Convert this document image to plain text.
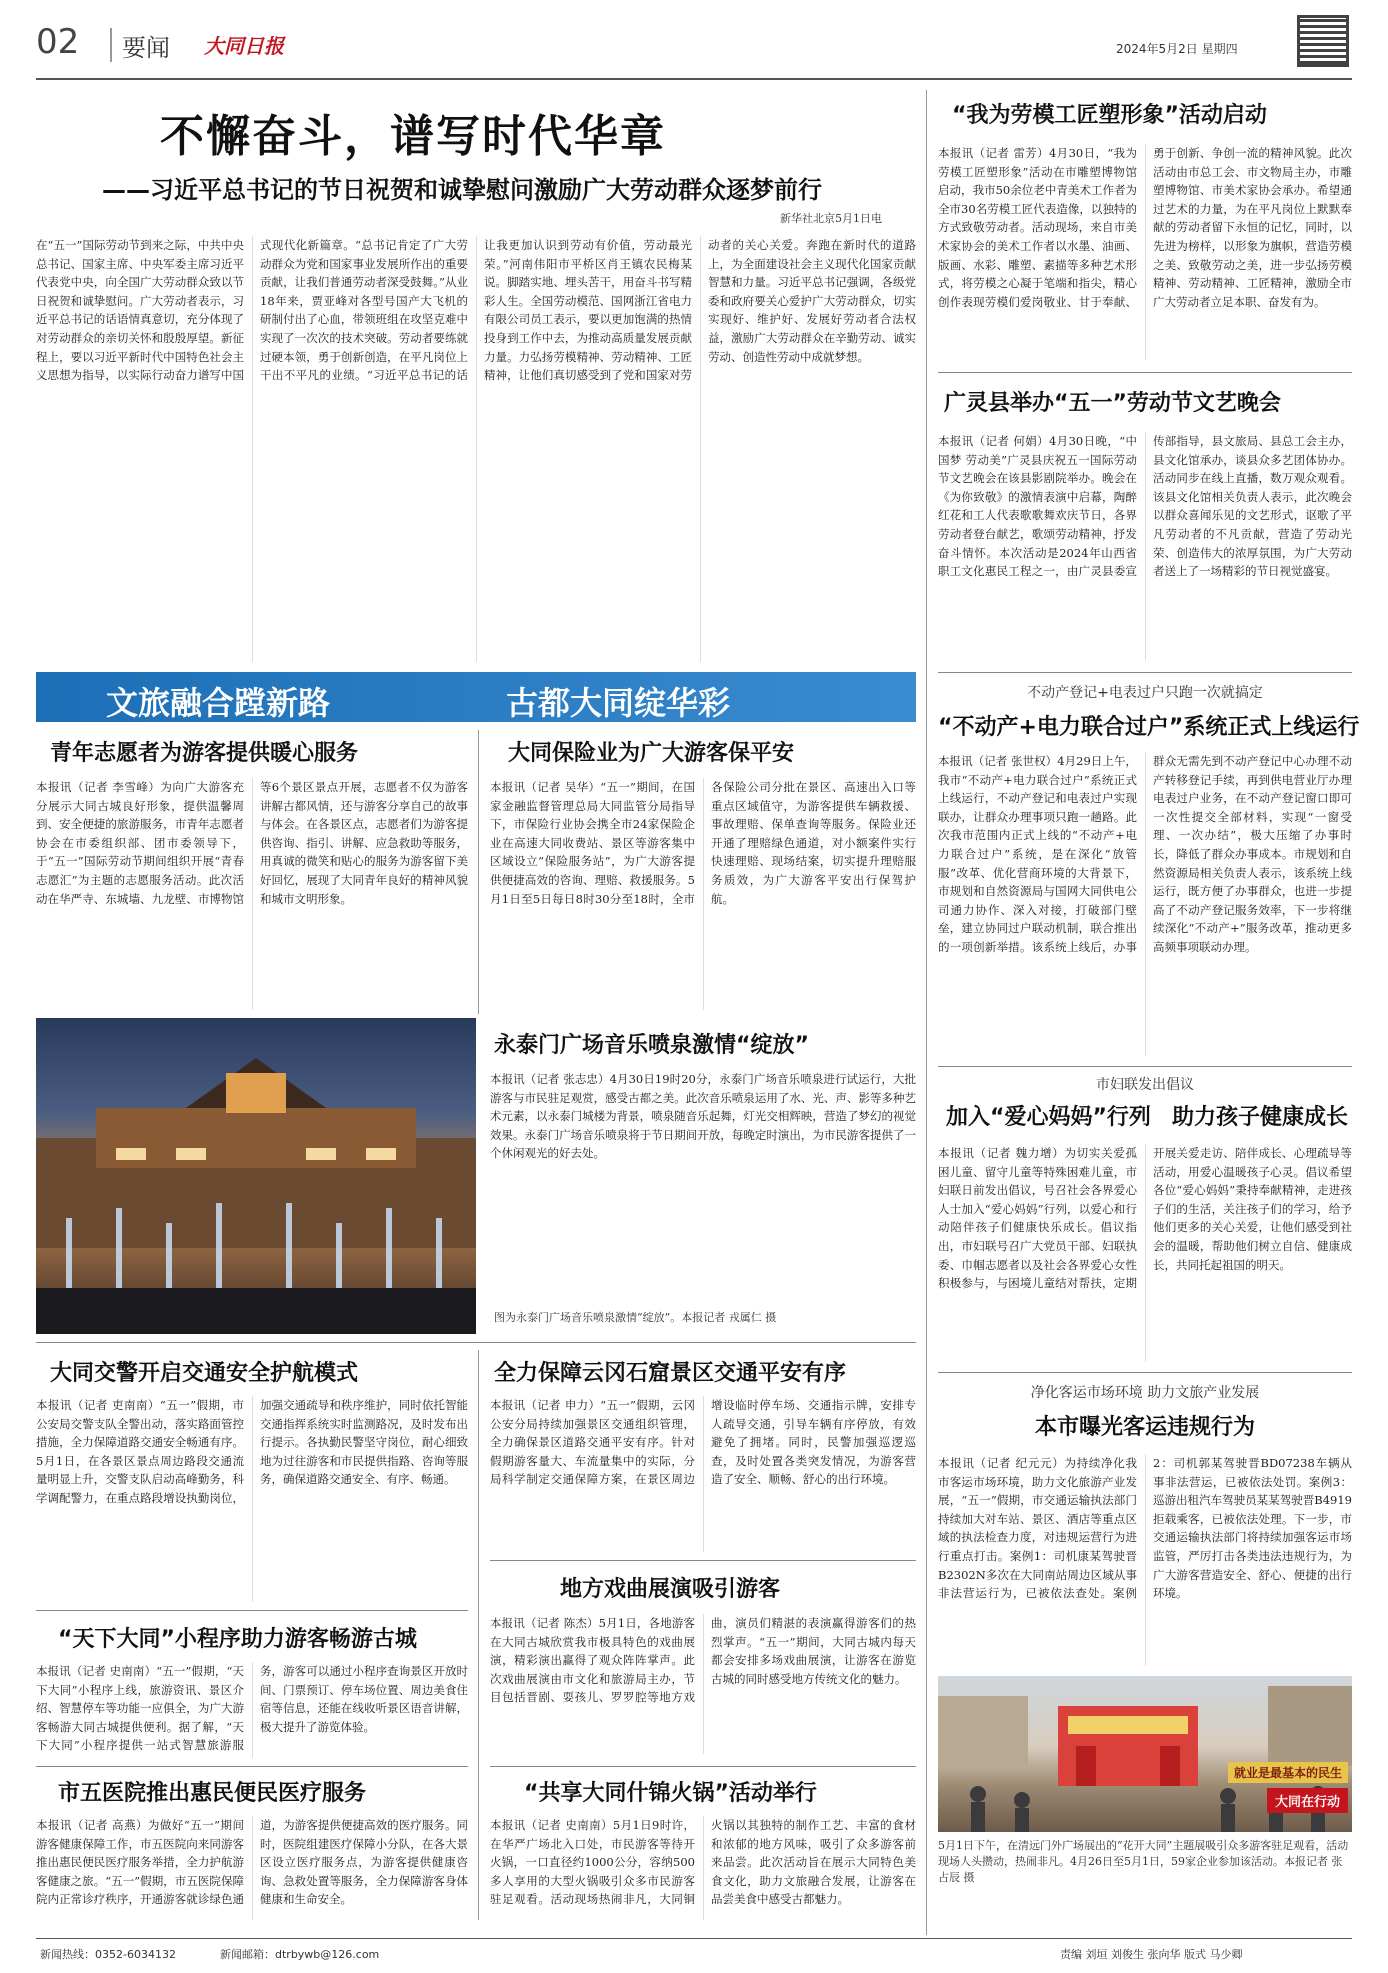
02 要闻 大同日报	2024年5月2日 星期四
不懈奋斗，谱写时代华章
——习近平总书记的节日祝贺和诚挚慰问激励广大劳动群众逐梦前行
新华社北京5月1日电
在“五一”国际劳动节到来之际，中共中央总书记、国家主席、中央军委主席习近平代表党中央，向全国广大劳动群众致以节日祝贺和诚挚慰问。广大劳动者表示，习近平总书记的话语情真意切，充分体现了对劳动群众的亲切关怀和殷殷厚望。新征程上，要以习近平新时代中国特色社会主义思想为指导，以实际行动奋力谱写中国式现代化新篇章。“总书记肯定了广大劳动群众为党和国家事业发展所作出的重要贡献，让我们普通劳动者深受鼓舞。”从业18年来，贾亚峰对各型号国产大飞机的研制付出了心血，带领班组在攻坚克难中实现了一次次的技术突破。劳动者要练就过硬本领，勇于创新创造，在平凡岗位上干出不平凡的业绩。“习近平总书记的话让我更加认识到劳动有价值，劳动最光荣。”河南伟阳市平桥区肖王镇农民梅某说。脚踏实地、埋头苦干，用奋斗书写精彩人生。全国劳动模范、国网浙江省电力有限公司员工表示，要以更加饱满的热情投身到工作中去，为推动高质量发展贡献力量。力弘扬劳模精神、劳动精神、工匠精神，让他们真切感受到了党和国家对劳动者的关心关爱。奔跑在新时代的道路上，为全面建设社会主义现代化国家贡献智慧和力量。习近平总书记强调，各级党委和政府要关心爱护广大劳动群众，切实实现好、维护好、发展好劳动者合法权益，激励广大劳动群众在辛勤劳动、诚实劳动、创造性劳动中成就梦想。
“我为劳模工匠塑形象”活动启动
本报讯（记者 雷芳）4月30日，“我为劳模工匠塑形象”活动在市雕塑博物馆启动，我市50余位老中青美术工作者为全市30名劳模工匠代表造像，以独特的方式致敬劳动者。活动现场，来自市美术家协会的美术工作者以水墨、油画、版画、水彩、雕塑、素描等多种艺术形式，将劳模之心凝于笔端和指尖，精心创作表现劳模们爱岗敬业、甘于奉献、勇于创新、争创一流的精神风貌。此次活动由市总工会、市文物局主办，市雕塑博物馆、市美术家协会承办。希望通过艺术的力量，为在平凡岗位上默默奉献的劳动者留下永恒的记忆，同时，以先进为榜样，以形象为旗帜，营造劳模之美、致敬劳动之美，进一步弘扬劳模精神、劳动精神、工匠精神，激励全市广大劳动者立足本职、奋发有为。
广灵县举办“五一”劳动节文艺晚会
本报讯（记者 何娟）4月30日晚，“中国梦 劳动美”广灵县庆祝五一国际劳动节文艺晚会在该县影剧院举办。晚会在《为你致敬》的激情表演中启幕，陶醉红花和工人代表歌歌舞欢庆节日，各界劳动者登台献艺，歌颂劳动精神，抒发奋斗情怀。本次活动是2024年山西省职工文化惠民工程之一，由广灵县委宣传部指导，县文旅局、县总工会主办，县文化馆承办，谈县众多艺团体协办。活动同步在线上直播，数万观众观看。该县文化馆相关负责人表示，此次晚会以群众喜闻乐见的文艺形式，讴歌了平凡劳动者的不凡贡献，营造了劳动光荣、创造伟大的浓厚氛围，为广大劳动者送上了一场精彩的节日视觉盛宴。
不动产登记+电表过户只跑一次就搞定
“不动产+电力联合过户”系统正式上线运行
本报讯（记者 张世权）4月29日上午，我市“不动产+电力联合过户”系统正式上线运行，不动产登记和电表过户实现联办，让群众办理事项只跑一趟路。此次我市范围内正式上线的“不动产+电力联合过户”系统，是在深化“放管服”改革、优化营商环境的大背景下，市规划和自然资源局与国网大同供电公司通力协作、深入对接，打破部门壁垒，建立协同过户联动机制，联合推出的一项创新举措。该系统上线后，办事群众无需先到不动产登记中心办理不动产转移登记手续，再到供电营业厅办理电表过户业务，在不动产登记窗口即可一次性提交全部材料，实现“一窗受理、一次办结”，极大压缩了办事时长，降低了群众办事成本。市规划和自然资源局相关负责人表示，该系统上线运行，既方便了办事群众，也进一步提高了不动产登记服务效率，下一步将继续深化“不动产+”服务改革，推动更多高频事项联动办理。
市妇联发出倡议
加入“爱心妈妈”行列 助力孩子健康成长
本报讯（记者 魏力增）为切实关爱孤困儿童、留守儿童等特殊困难儿童，市妇联日前发出倡议，号召社会各界爱心人士加入“爱心妈妈”行列，以爱心和行动陪伴孩子们健康快乐成长。倡议指出，市妇联号召广大党员干部、妇联执委、巾帼志愿者以及社会各界爱心女性积极参与，与困境儿童结对帮扶，定期开展关爱走访、陪伴成长、心理疏导等活动，用爱心温暖孩子心灵。倡议希望各位“爱心妈妈”秉持奉献精神，走进孩子们的生活，关注孩子们的学习，给予他们更多的关心关爱，让他们感受到社会的温暖，帮助他们树立自信、健康成长，共同托起祖国的明天。
净化客运市场环境 助力文旅产业发展
本市曝光客运违规行为
本报讯（记者 纪元元）为持续净化我市客运市场环境，助力文化旅游产业发展，“五一”假期，市交通运输执法部门持续加大对车站、景区、酒店等重点区域的执法检查力度，对违规运营行为进行重点打击。案例1：司机康某驾驶晋B2302N多次在大同南站周边区域从事非法营运行为，已被依法查处。案例2：司机郭某驾驶晋BD07238车辆从事非法营运，已被依法处罚。案例3：巡游出租汽车驾驶员某某驾驶晋B4919拒载乘客，已被依法处理。下一步，市交通运输执法部门将持续加强客运市场监管，严厉打击各类违法违规行为，为广大游客营造安全、舒心、便捷的出行环境。
就业是最基本的民生
大同在行动
5月1日下午，在清远门外广场展出的“花开大同”主题展吸引众多游客驻足观看，活动现场人头攒动，热闹非凡。4月26日至5月1日，59家企业参加该活动。本报记者 张占辰 摄
文旅融合蹚新路	古都大同绽华彩
青年志愿者为游客提供暖心服务
本报讯（记者 李雪峰）为向广大游客充分展示大同古城良好形象，提供温馨周到、安全便捷的旅游服务，市青年志愿者协会在市委组织部、团市委领导下，于“五一”国际劳动节期间组织开展“青春志愿汇”为主题的志愿服务活动。此次活动在华严寺、东城墙、九龙壁、市博物馆等6个景区景点开展，志愿者不仅为游客讲解古都风情，还与游客分享自己的故事与体会。在各景区点，志愿者们为游客提供咨询、指引、讲解、应急救助等服务，用真诚的微笑和贴心的服务为游客留下美好回忆，展现了大同青年良好的精神风貌和城市文明形象。
大同保险业为广大游客保平安
本报讯（记者 吴华）“五一”期间，在国家金融监督管理总局大同监管分局指导下，市保险行业协会携全市24家保险企业在高速大同收费站、景区等游客集中区域设立“保险服务站”，为广大游客提供便捷高效的咨询、理赔、救援服务。5月1日至5日每日8时30分至18时，全市各保险公司分批在景区、高速出入口等重点区域值守，为游客提供车辆救援、事故理赔、保单查询等服务。保险业还开通了理赔绿色通道，对小额案件实行快速理赔、现场结案，切实提升理赔服务质效，为广大游客平安出行保驾护航。
永泰门广场音乐喷泉激情“绽放”
本报讯（记者 张志忠）4月30日19时20分，永泰门广场音乐喷泉进行试运行，大批游客与市民驻足观赏，感受古都之美。此次音乐喷泉运用了水、光、声、影等多种艺术元素，以永泰门城楼为背景，喷泉随音乐起舞，灯光交相辉映，营造了梦幻的视觉效果。永泰门广场音乐喷泉将于节日期间开放，每晚定时演出，为市民游客提供了一个休闲观光的好去处。
图为永泰门广场音乐喷泉激情“绽放”。本报记者 戎属仁 摄
大同交警开启交通安全护航模式
本报讯（记者 吏南南）“五一”假期，市公安局交警支队全警出动，落实路面管控措施，全力保障道路交通安全畅通有序。5月1日，在各景区景点周边路段交通流量明显上升，交警支队启动高峰勤务，科学调配警力，在重点路段增设执勤岗位，加强交通疏导和秩序维护，同时依托智能交通指挥系统实时监测路况，及时发布出行提示。各执勤民警坚守岗位，耐心细致地为过往游客和市民提供指路、咨询等服务，确保道路交通安全、有序、畅通。
全力保障云冈石窟景区交通平安有序
本报讯（记者 申力）“五一”假期，云冈公安分局持续加强景区交通组织管理，全力确保景区道路交通平安有序。针对假期游客量大、车流量集中的实际，分局科学制定交通保障方案，在景区周边增设临时停车场、交通指示牌，安排专人疏导交通，引导车辆有序停放，有效避免了拥堵。同时，民警加强巡逻巡查，及时处置各类突发情况，为游客营造了安全、顺畅、舒心的出行环境。
“天下大同”小程序助力游客畅游古城
本报讯（记者 史南南）“五一”假期，“天下大同”小程序上线，旅游资讯、景区介绍、智慧停车等功能一应俱全，为广大游客畅游大同古城提供便利。据了解，“天下大同”小程序提供一站式智慧旅游服务，游客可以通过小程序查询景区开放时间、门票预订、停车场位置、周边美食住宿等信息，还能在线收听景区语音讲解，极大提升了游览体验。
地方戏曲展演吸引游客
本报讯（记者 陈杰）5月1日，各地游客在大同古城欣赏我市极具特色的戏曲展演，精彩演出赢得了观众阵阵掌声。此次戏曲展演由市文化和旅游局主办，节目包括晋剧、耍孩儿、罗罗腔等地方戏曲，演员们精湛的表演赢得游客们的热烈掌声。“五一”期间，大同古城内每天都会安排多场戏曲展演，让游客在游览古城的同时感受地方传统文化的魅力。
市五医院推出惠民便民医疗服务
本报讯（记者 高燕）为做好“五一”期间游客健康保障工作，市五医院向来同游客推出惠民便民医疗服务举措，全力护航游客健康之旅。“五一”假期，市五医院保障院内正常诊疗秩序，开通游客就诊绿色通道，为游客提供便捷高效的医疗服务。同时，医院组建医疗保障小分队，在各大景区设立医疗服务点，为游客提供健康咨询、急救处置等服务，全力保障游客身体健康和生命安全。
“共享大同什锦火锅”活动举行
本报讯（记者 史南南）5月1日9时许，在华严广场北入口处，市民游客等待开火锅，一口直径约1000公分，容纳500多人享用的大型火锅吸引众多市民游客驻足观看。活动现场热闹非凡，大同铜火锅以其独特的制作工艺、丰富的食材和浓郁的地方风味，吸引了众多游客前来品尝。此次活动旨在展示大同特色美食文化，助力文旅融合发展，让游客在品尝美食中感受古都魅力。
新闻热线：0352-6034132	新闻邮箱：dtrbywb@126.com	责编 刘垣 刘俊生 张向华 版式 马少卿
